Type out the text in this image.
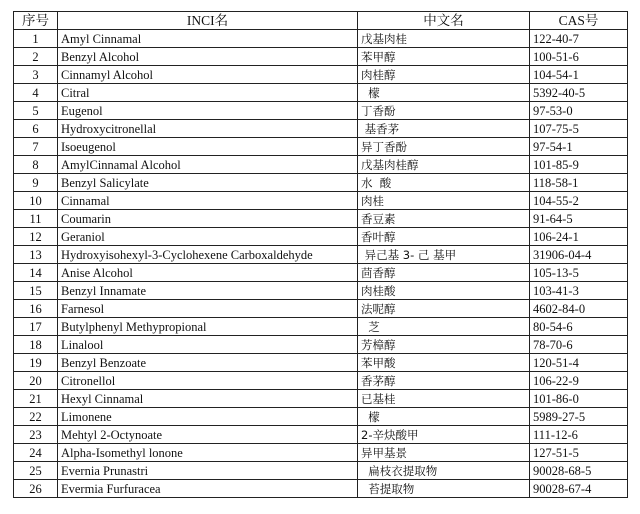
序号	INCI名	中文名	CAS号
1	Amyl Cinnamal	戊基肉桂	122-40-7
2	Benzyl Alcohol	苯甲醇	100-51-6
3	Cinnamyl Alcohol	肉桂醇	104-54-1
4	Citral	檬	5392-40-5
5	Eugenol	丁香酚	97-53-0
6	Hydroxycitronellal	基香茅	107-75-5
7	Isoeugenol	异丁香酚	97-54-1
8	AmylCinnamal Alcohol	戊基肉桂醇	101-85-9
9	Benzyl Salicylate	水  酸	118-58-1
10	Cinnamal	肉桂	104-55-2
11	Coumarin	香豆素	91-64-5
12	Geraniol	香叶醇	106-24-1
13	Hydroxyisohexyl-3-Cyclohexene Carboxaldehyde	异己基 3- 己 基甲	31906-04-4
14	Anise Alcohol	茴香醇	105-13-5
15	Benzyl Innamate	肉桂酸	103-41-3
16	Farnesol	法呢醇	4602-84-0
17	Butylphenyl Methypropional	芝	80-54-6
18	Linalool	芳樟醇	78-70-6
19	Benzyl Benzoate	苯甲酸	120-51-4
20	Citronellol	香茅醇	106-22-9
21	Hexyl Cinnamal	已基桂	101-86-0
22	Limonene	檬	5989-27-5
23	Mehtyl 2-Octynoate	2-辛炔酸甲	111-12-6
24	Alpha-Isomethyl lonone	异甲基景	127-51-5
25	Evernia Prunastri	扁枝衣提取物	90028-68-5
26	Evermia Furfuracea	苔提取物	90028-67-4
